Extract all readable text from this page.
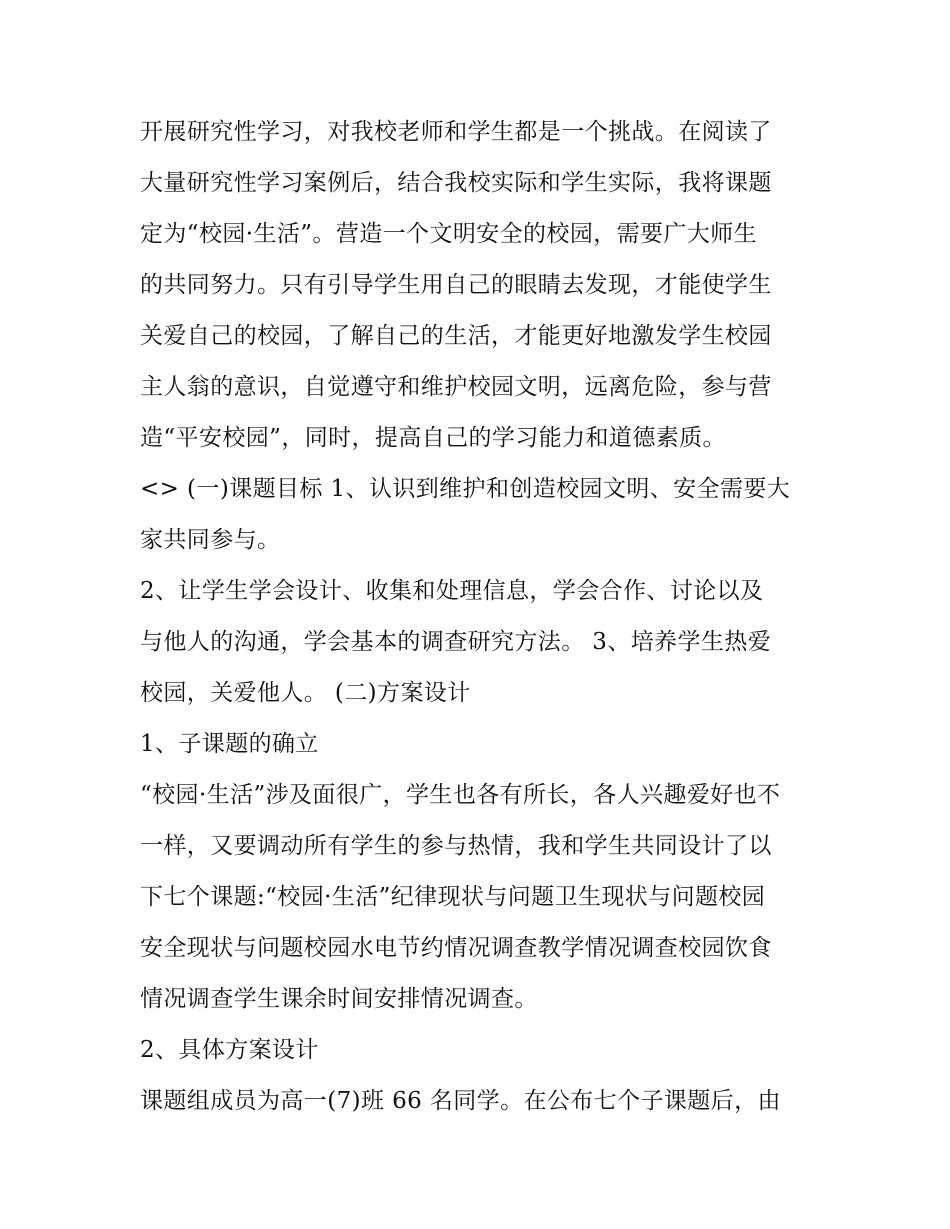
开展研究性学习，对我校老师和学生都是一个挑战。在阅读了
大量研究性学习案例后，结合我校实际和学生实际，我将课题
定为“校园·生活”。营造一个文明安全的校园，需要广大师生
的共同努力。只有引导学生用自己的眼睛去发现，才能使学生
关爱自己的校园，了解自己的生活，才能更好地激发学生校园
主人翁的意识，自觉遵守和维护校园文明，远离危险，参与营
造“平安校园”，同时，提高自己的学习能力和道德素质。
<> (一)课题目标 1、认识到维护和创造校园文明、安全需要大
家共同参与。
2、让学生学会设计、收集和处理信息，学会合作、讨论以及
与他人的沟通，学会基本的调查研究方法。 3、培养学生热爱
校园，关爱他人。 (二)方案设计
1、子课题的确立
“校园·生活”涉及面很广，学生也各有所长，各人兴趣爱好也不
一样，又要调动所有学生的参与热情，我和学生共同设计了以
下七个课题:“校园·生活”纪律现状与问题卫生现状与问题校园
安全现状与问题校园水电节约情况调查教学情况调查校园饮食
情况调查学生课余时间安排情况调查。
2、具体方案设计
课题组成员为高一(7)班 66 名同学。在公布七个子课题后，由
